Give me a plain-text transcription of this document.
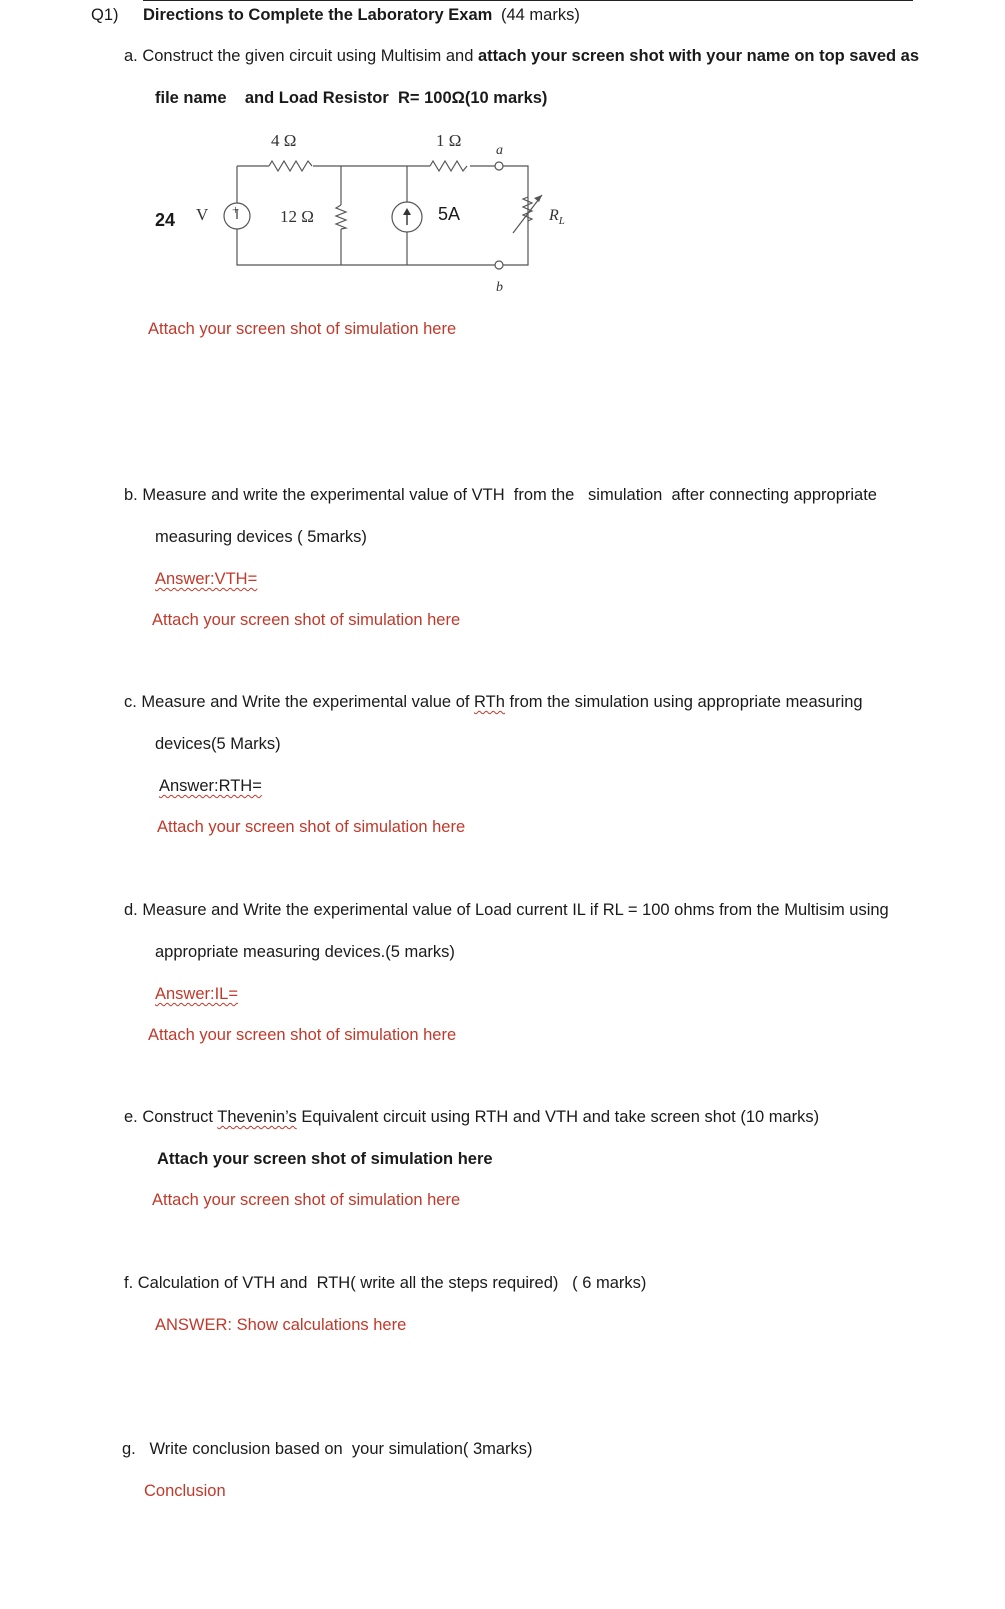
Q1) Directions to Complete the Laboratory Exam (44 marks)
a. Construct the given circuit using Multisim and attach your screen shot with your name on top saved as
file name    and Load Resistor  R= 100Ω(10 marks)
+
4 Ω	1 Ω
12 Ω
V
a
b
$R_L$
24	5A
Attach your screen shot of simulation here
b. Measure and write the experimental value of VTH  from the   simulation  after connecting appropriate
measuring devices ( 5marks)
Answer:VTH=
Attach your screen shot of simulation here
c. Measure and Write the experimental value of RTh from the simulation using appropriate measuring
devices(5 Marks)
Answer:RTH=
Attach your screen shot of simulation here
d. Measure and Write the experimental value of Load current IL if RL = 100 ohms from the Multisim using
appropriate measuring devices.(5 marks)
Answer:IL=
Attach your screen shot of simulation here
e. Construct Thevenin’s Equivalent circuit using RTH and VTH and take screen shot (10 marks)
Attach your screen shot of simulation here
Attach your screen shot of simulation here
f. Calculation of VTH and  RTH( write all the steps required)   ( 6 marks)
ANSWER: Show calculations here
g.   Write conclusion based on  your simulation( 3marks)
Conclusion
